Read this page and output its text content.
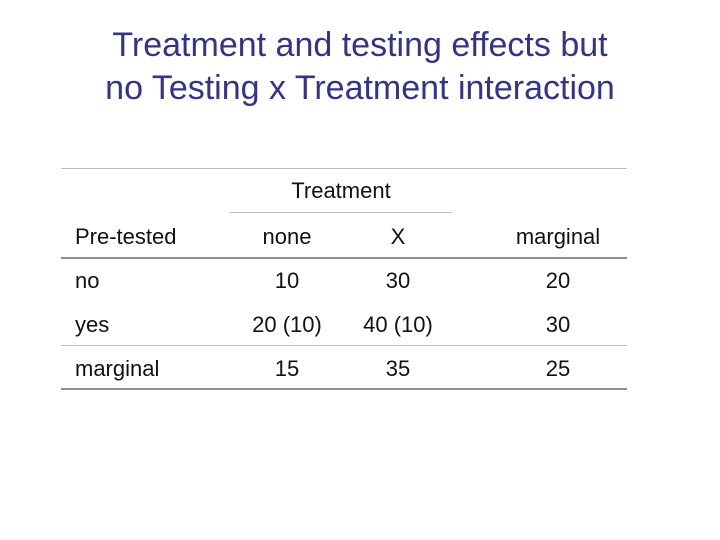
Treatment and testing effects but
no Testing x Treatment interaction
Treatment
Pre-tested	none	X	marginal
no	10	30	20
yes	20 (10)	40 (10)	30
marginal	15	35	25
